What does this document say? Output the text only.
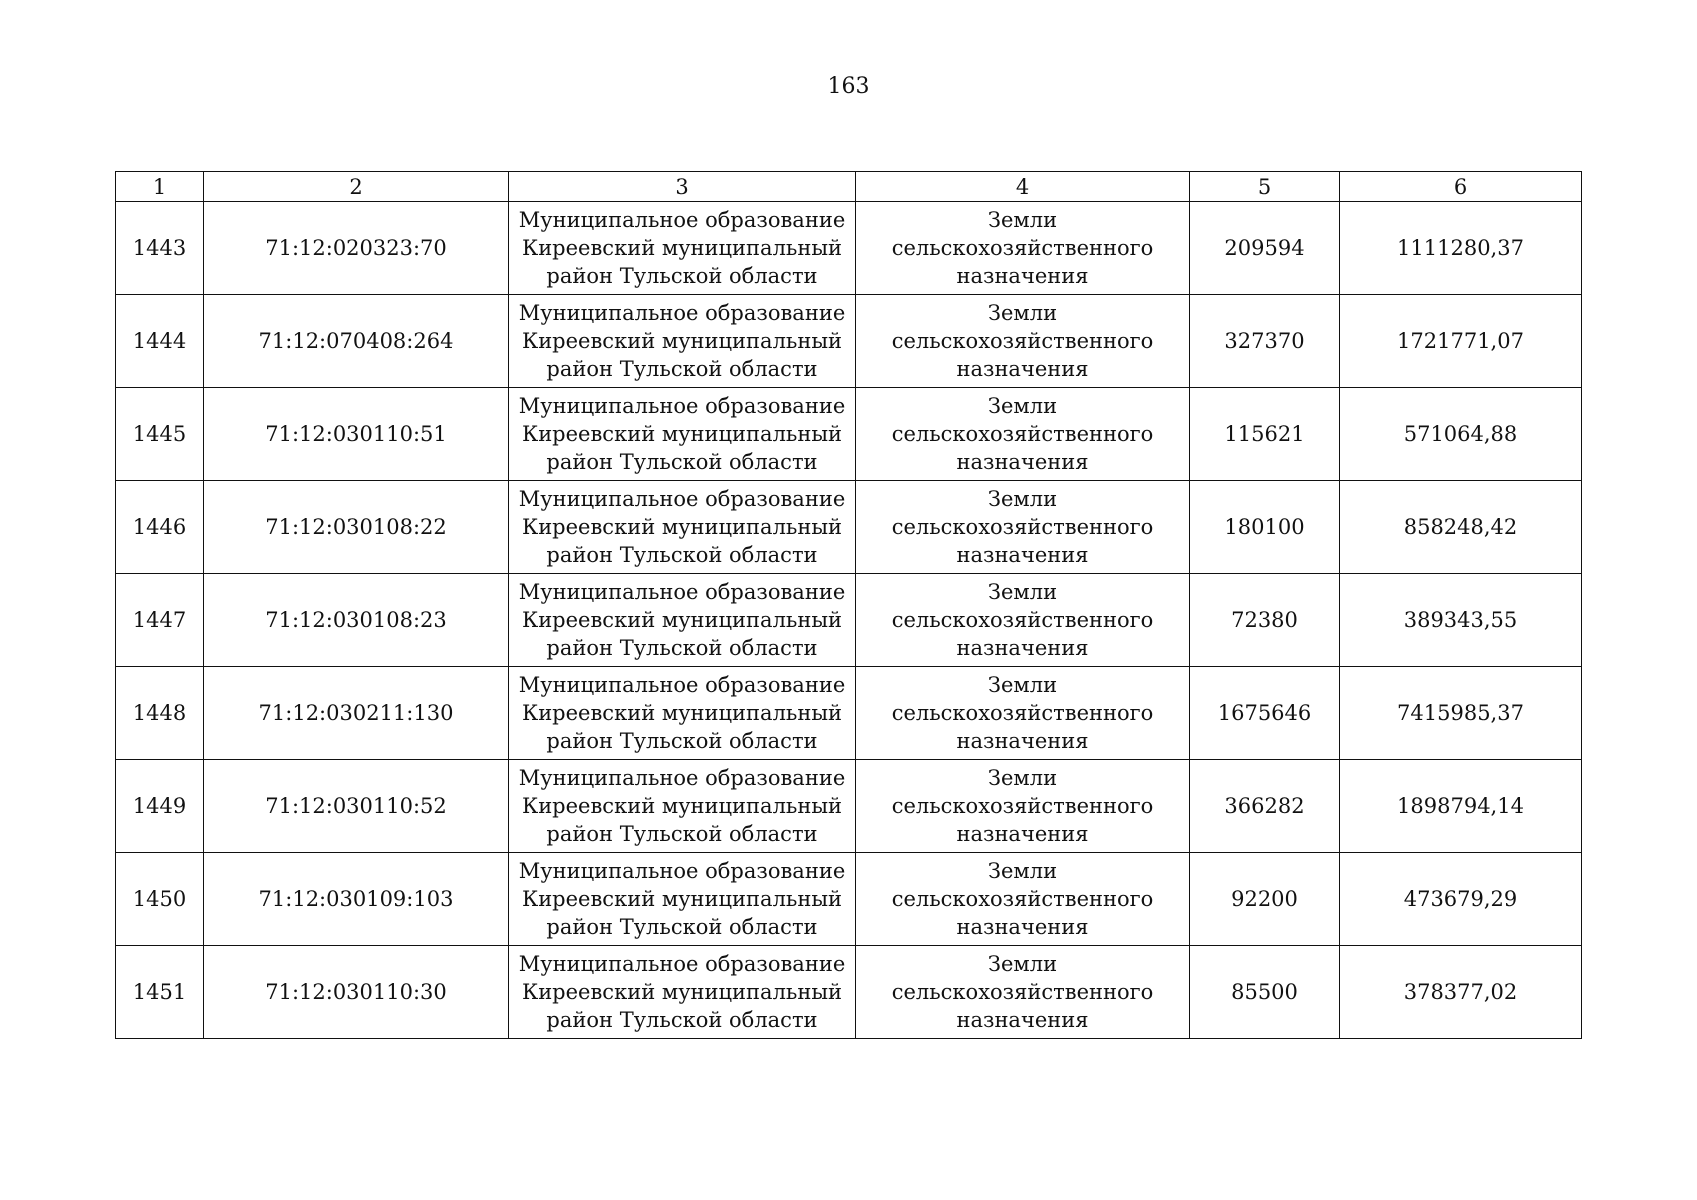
163
1	2	3	4	5	6
1443	71:12:020323:70	Муниципальное образование Киреевский муниципальный район Тульской области	Земли сельскохозяйственного назначения	209594	1111280,37
1444	71:12:070408:264	Муниципальное образование Киреевский муниципальный район Тульской области	Земли сельскохозяйственного назначения	327370	1721771,07
1445	71:12:030110:51	Муниципальное образование Киреевский муниципальный район Тульской области	Земли сельскохозяйственного назначения	115621	571064,88
1446	71:12:030108:22	Муниципальное образование Киреевский муниципальный район Тульской области	Земли сельскохозяйственного назначения	180100	858248,42
1447	71:12:030108:23	Муниципальное образование Киреевский муниципальный район Тульской области	Земли сельскохозяйственного назначения	72380	389343,55
1448	71:12:030211:130	Муниципальное образование Киреевский муниципальный район Тульской области	Земли сельскохозяйственного назначения	1675646	7415985,37
1449	71:12:030110:52	Муниципальное образование Киреевский муниципальный район Тульской области	Земли сельскохозяйственного назначения	366282	1898794,14
1450	71:12:030109:103	Муниципальное образование Киреевский муниципальный район Тульской области	Земли сельскохозяйственного назначения	92200	473679,29
1451	71:12:030110:30	Муниципальное образование Киреевский муниципальный район Тульской области	Земли сельскохозяйственного назначения	85500	378377,02
